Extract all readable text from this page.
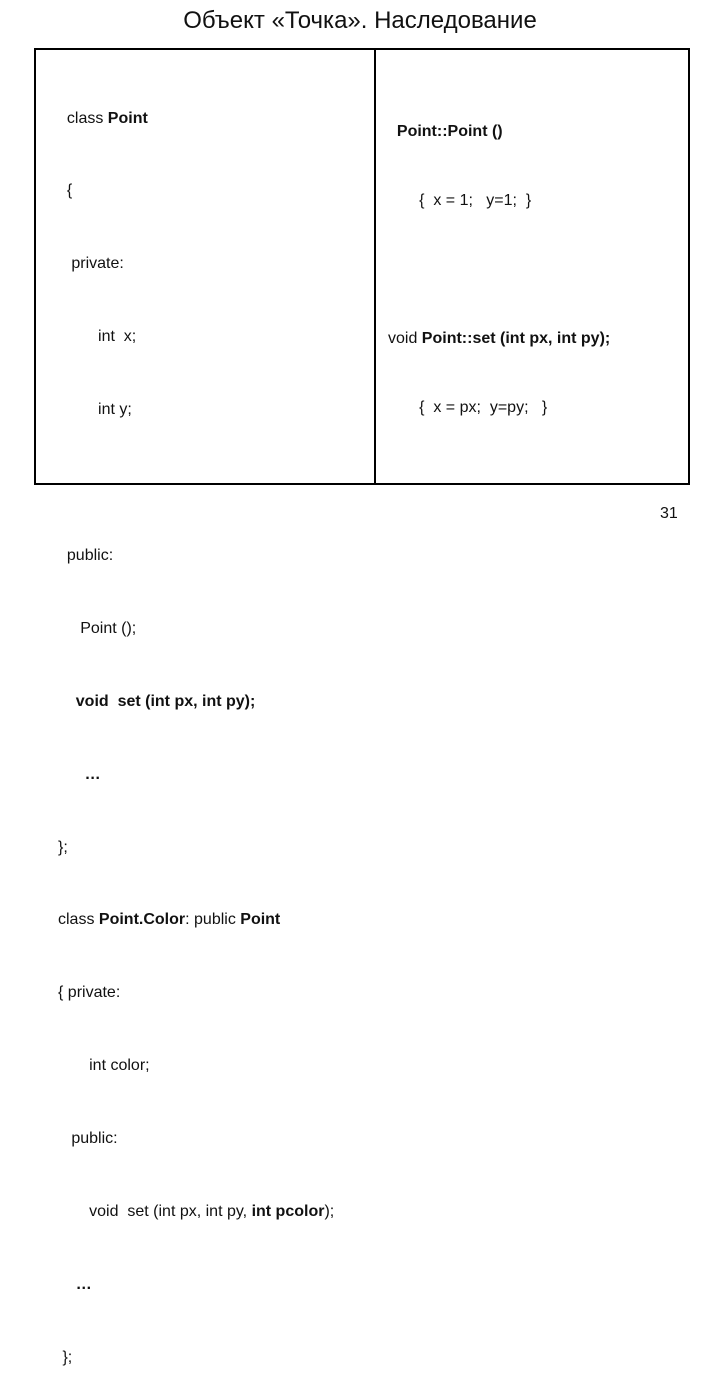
Объект «Точка». Наследование

class Point

{

private:

int  x;

int y;

public:

Point ();

void  set (int px, int py);

…

};

class Point.Color: public Point

{ private:

int color;

public:

void  set (int px, int py, int pcolor);

…

};

Point::Point ()

{  x = 1;   y=1;  }

void Point::set (int px, int py);

{  x = px;  y=py;   }

31
